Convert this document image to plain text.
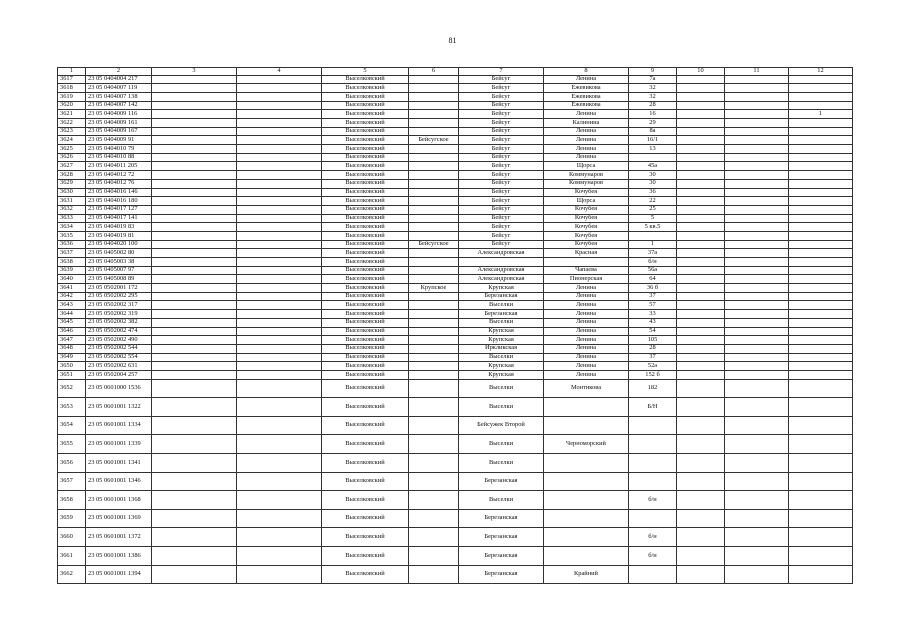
81
1	2	3	4	5	6	7	8	9	10	11	12
3617	23 05 0404004 217			Выселковский		Бейсуг	Ленина	7а			
3618	23 05 0404007 119			Выселковский		Бейсуг	Ежевикова	32			
3619	23 05 0404007 138			Выселковский		Бейсуг	Ежевикова	32			
3620	23 05 0404007 142			Выселковский		Бейсуг	Ежевикова	28			
3621	23 05 0404009 116			Выселковский		Бейсуг	Ленина	16			1
3622	23 05 0404009 161			Выселковский		Бейсуг	Калинина	29			
3623	23 05 0404009 167			Выселковский		Бейсуг	Ленина	8а			
3624	23 05 0404009 91			Выселковский	Бейсугское	Бейсуг	Ленина	16/1			
3625	23 05 0404010 79			Выселковский		Бейсуг	Ленина	13			
3626	23 05 0404010 88			Выселковский		Бейсуг	Ленина				
3627	23 05 0404011 205			Выселковский		Бейсуг	Щорса	45а			
3628	23 05 0404012 72			Выселковский		Бейсуг	Коммунаров	30			
3629	23 05 0404012 76			Выселковский		Бейсуг	Коммунаров	30			
3630	23 05 0404016 146			Выселковский		Бейсуг	Кочубея	36			
3631	23 05 0404016 180			Выселковский		Бейсуг	Щорса	22			
3632	23 05 0404017 127			Выселковский		Бейсуг	Кочубея	25			
3633	23 05 0404017 141			Выселковский		Бейсуг	Кочубея	5			
3634	23 05 0404019 83			Выселковский		Бейсуг	Кочубея	5 кв.5			
3635	23 05 0404019 81			Выселковский		Бейсуг	Кочубея				
3636	23 05 0404020 100			Выселковский	Бейсугское	Бейсуг	Кочубея	1			
3637	23 05 0405002 80			Выселковский		Александровская	Красная	37а			
3638	23 05 0405003 38			Выселковский				б/н			
3639	23 05 0405007 97			Выселковский		Александровская	Чапаева	56а			
3640	23 05 0405008 89			Выселковский		Александровская	Пионерская	64			
3641	23 05 0502001 172			Выселковский	Крупское	Крупская	Ленина	36 б			
3642	23 05 0502002 295			Выселковский		Березанская	Ленина	37			
3643	23 05 0502002 317			Выселковский		Выселки	Ленина	57			
3644	23 05 0502002 319			Выселковский		Березанская	Ленина	33			
3645	23 05 0502002 382			Выселковский		Выселки	Ленина	43			
3646	23 05 0502002 474			Выселковский		Крупская	Ленина	54			
3647	23 05 0502002 490			Выселковский		Крупская	Ленина	105			
3648	23 05 0502002 544			Выселковский		Иркликская	Ленина	28			
3649	23 05 0502002 554			Выселковский		Выселки	Ленина	37			
3650	23 05 0502002 631			Выселковский		Крупская	Ленина	52а			
3651	23 05 0502004 257			Выселковский		Крупская	Ленина	152 б			
3652	23 05 0601000 1536			Выселковский		Выселки	Монтикова	182			
3653	23 05 0601001 1322			Выселковский		Выселки		Б/Н			
3654	23 05 0601001 1334			Выселковский		Бейсужек Второй					
3655	23 05 0601001 1339			Выселковский		Выселки	Черноморский				
3656	23 05 0601001 1341			Выселковский		Выселки					
3657	23 05 0601001 1346			Выселковский		Березанская					
3658	23 05 0601001 1368			Выселковский		Выселки		б/н			
3659	23 05 0601001 1369			Выселковский		Березанская					
3660	23 05 0601001 1372			Выселковский		Березанская		б/н			
3661	23 05 0601001 1386			Выселковский		Березанская		б/н			
3662	23 05 0601001 1394			Выселковский		Березанская	Крайний				
